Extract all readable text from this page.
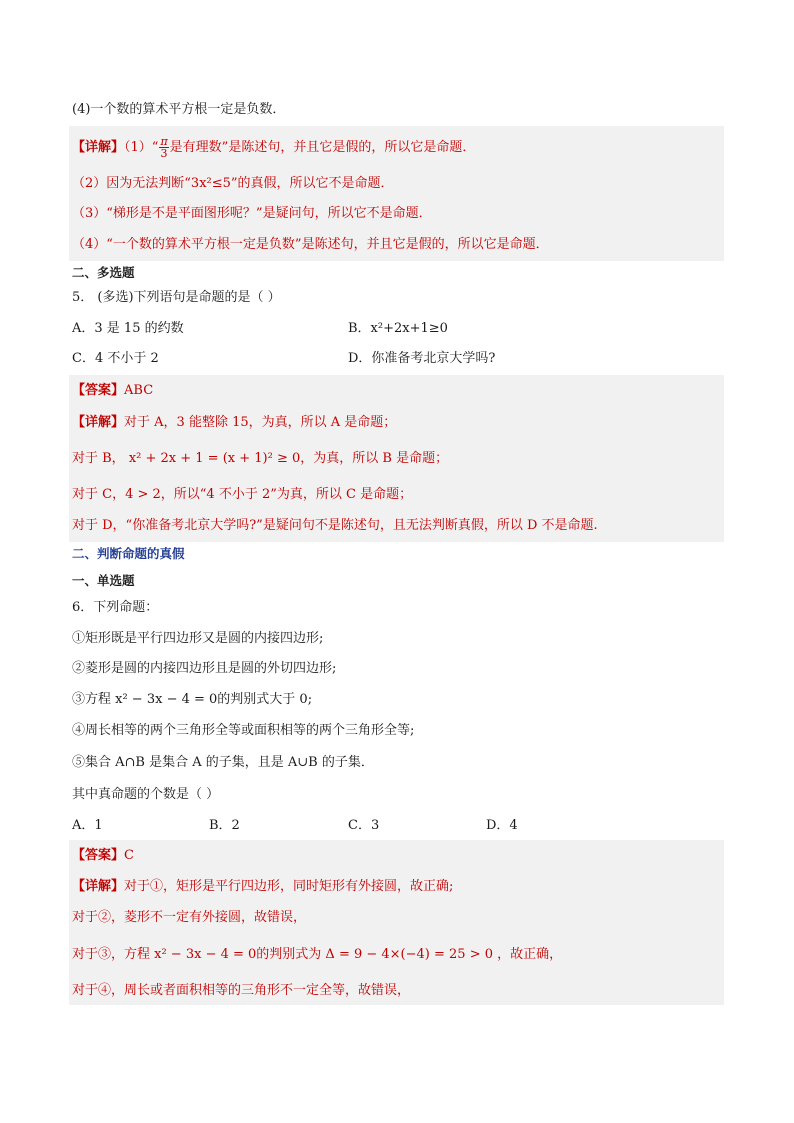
(4)一个数的算术平方根一定是负数．
【详解】（1）“ $\frac{\pi}{3}$ 是有理数”是陈述句，并且它是假的，所以它是命题．
（2）因为无法判断“3x²≤5”的真假，所以它不是命题．
（3）“梯形是不是平面图形呢？”是疑问句，所以它不是命题．
（4）“一个数的算术平方根一定是负数”是陈述句，并且它是假的，所以它是命题．
二、多选题
5． (多选)下列语句是命题的是（ ）
A．3 是 15 的约数	B．x²+2x+1≥0
C．4 不小于 2	D．你准备考北京大学吗?
【答案】ABC
【详解】对于 A，3 能整除 15，为真，所以 A 是命题；
对于 B， x² + 2x + 1 = (x + 1)² ≥ 0，为真，所以 B 是命题；
对于 C，4 > 2，所以“4 不小于 2”为真，所以 C 是命题；
对于 D，“你准备考北京大学吗?”是疑问句不是陈述句，且无法判断真假，所以 D 不是命题.
二、判断命题的真假
一、单选题
6．下列命题：
①矩形既是平行四边形又是圆的内接四边形;
②菱形是圆的内接四边形且是圆的外切四边形;
③方程 x² − 3x − 4 = 0的判别式大于 0;
④周长相等的两个三角形全等或面积相等的两个三角形全等;
⑤集合 A∩B 是集合 A 的子集，且是 A∪B 的子集．
其中真命题的个数是（ ）
A．1	B．2	C．3	D．4
【答案】C
【详解】对于①，矩形是平行四边形，同时矩形有外接圆，故正确;
对于②，菱形不一定有外接圆，故错误，
对于③，方程 x² − 3x − 4 = 0的判别式为 Δ = 9 − 4×(−4) = 25 > 0 ，故正确，
对于④，周长或者面积相等的三角形不一定全等，故错误，
